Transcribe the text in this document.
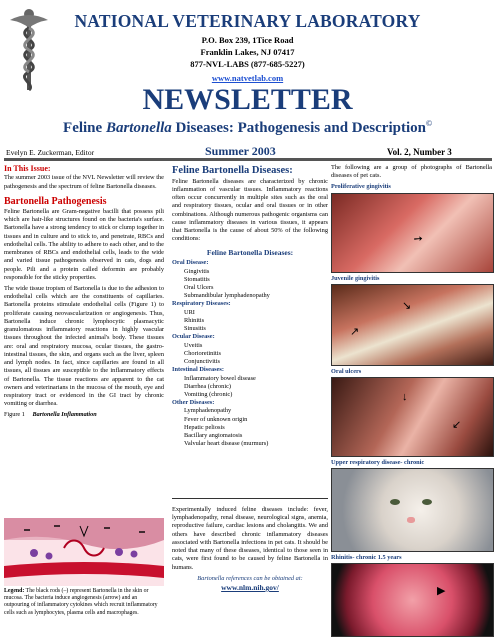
NATIONAL VETERINARY LABORATORY
P.O. Box 239, 1Tice Road
Franklin Lakes, NJ 07417
877-NVL-LABS (877-685-5227)
www.natvetlab.com
NEWSLETTER
Feline Bartonella Diseases: Pathogenesis and Description©
Evelyn E. Zuckerman, Editor	Summer 2003	Vol. 2, Number 3
In This Issue:

The summer 2003 issue of the NVL Newsletter will review the pathogenesis and the spectrum of feline Bartonella diseases.

Bartonella Pathogenesis

Feline Bartonella are Gram-negative bacilli that possess pili which are hair-like structures found on the bacteria's surface. Bartonella have a strong tendency to stick or clump together in tissues and in culture and to stick to, and penetrate, RBCs and endothelial cells. The ability to adhere to each other, and to the membranes of RBCs and endothelial cells, leads to the wide and varied tissue pathogenesis observed in cats, dogs and people. Pili and a protein called deformin are probably responsible for the sticky properties.

The wide tissue tropism of Bartonella is due to the adhesion to endothelial cells which are the constituents of capillaries. Bartonella proteins stimulate endothelial cells (Figure 1) to proliferate causing neovascularization or angiogenesis. Thus, Bartonella induce chronic lymphocytic plasmacytic granulomatous inflammatory reactions in highly vascular tissues throughout the infected animal's body. These tissues are: oral and respiratory mucosa, ocular tissues, the gastro-intestinal tissues, the skin, and organs such as the liver, spleen and lymph nodes. In fact, since capillaries are found in all tissues, all tissues are susceptible to the inflammatory effects of Bartonella. The tissue reactions are apparent to the cat owners and veterinarians in the mucosa of the mouth, eye and respiratory tract or evidenced in the GI tract by chronic vomiting or diarrhea.

Figure 1 Bartonella Inflammation
Legend: The black rods (–) represent Bartonella in the skin or mucosa. The bacteria induce angiogenesis (arrow) and an outpouring of inflammatory cytokines which recruit inflammatory cells such as lymphocytes, plasma cells and macrophages.
Feline Bartonella Diseases:

Feline Bartonella diseases are characterized by chronic inflammation of vascular tissues. Inflammatory reactions often occur concurrently in multiple sites such as the oral and respiratory tissues, ocular and oral tissues or in other combinations. Although numerous pathogenic organisms can cause inflammatory diseases in various tissues, it appears that Bartonella is the cause of about 50% of the following conditions:

Feline Bartonella Diseases:
Oral Disease:
Gingivitis
Stomatitis
Oral Ulcers
Submandibular lymphadenopathy
Respiratory Diseases:
URI
Rhinitis
Sinusitis
Ocular Disease:
Uveitis
Chorioretinitis
Conjunctivitis
Intestinal Diseases:
Inflammatory bowel disease
Diarrhea (chronic)
Vomiting (chronic)
Other Diseases:
Lymphadenopathy
Fever of unknown origin
Hepatic peliosis
Bacillary angiomatosis
Valvular heart disease (murmurs)

Experimentally induced feline diseases include: fever, lymphadenopathy, renal disease, neurological signs, anemia, reproductive failure, cardiac lesions and cholangitis. We and others have described chronic inflammatory diseases associated with Bartonella infections in pet cats. It should be noted that many of these diseases, identical to those seen in cats, were first found to be caused by feline Bartonella in humans.

Bartonella references can be obtained at:
www.nlm.nih.gov/

The following are a group of photographs of Bartonella diseases of pet cats.

Proliferative gingivitis
➘
Juvenile gingivitis
↘
↗
Oral ulcers
↓
↙
Upper respiratory disease- chronic
Rhinitis- chronic 1.5 years
▶
